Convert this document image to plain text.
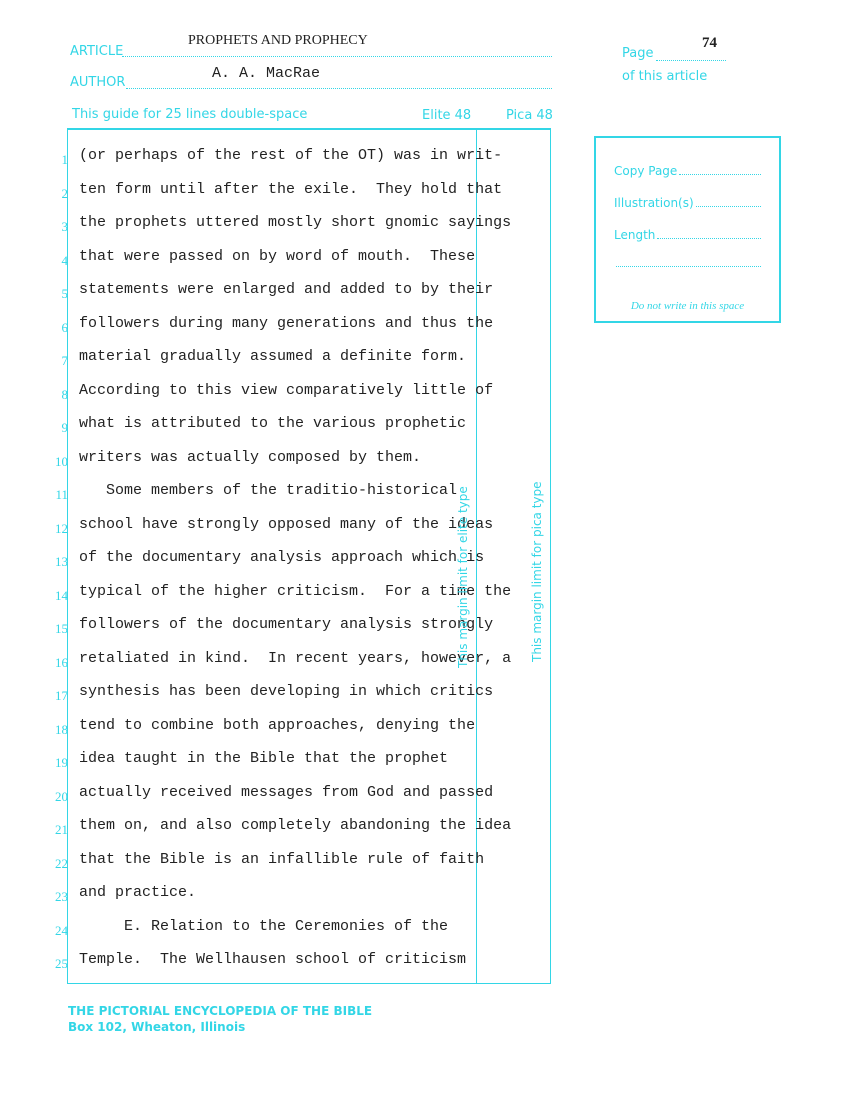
ARTICLE
PROPHETS AND PROPHECY
AUTHOR
A. A. MacRae
This guide for 25 lines double-space	Elite 48	Pica 48
Page
74
of this article
1 (or perhaps of the rest of the OT) was in writ-
2 ten form until after the exile.  They hold that
3 the prophets uttered mostly short gnomic sayings
4 that were passed on by word of mouth.  These
5 statements were enlarged and added to by their
6 followers during many generations and thus the
7 material gradually assumed a definite form.
8 According to this view comparatively little of
9 what is attributed to the various prophetic
10 writers was actually composed by them.
11 Some members of the traditio-historical
12 school have strongly opposed many of the ideas
13 of the documentary analysis approach which is
14 typical of the higher criticism.  For a time the
15 followers of the documentary analysis strongly
16 retaliated in kind.  In recent years, however, a
17 synthesis has been developing in which critics
18 tend to combine both approaches, denying the
19 idea taught in the Bible that the prophet
20 actually received messages from God and passed
21 them on, and also completely abandoning the idea
22 that the Bible is an infallible rule of faith
23 and practice.
24 E. Relation to the Ceremonies of the
25 Temple.  The Wellhausen school of criticism
This margin limit for elite type	This margin limit for pica type
Copy Page
Illustration(s)
Length
Do not write in this space
THE PICTORIAL ENCYCLOPEDIA OF THE BIBLE
Box 102, Wheaton, Illinois
